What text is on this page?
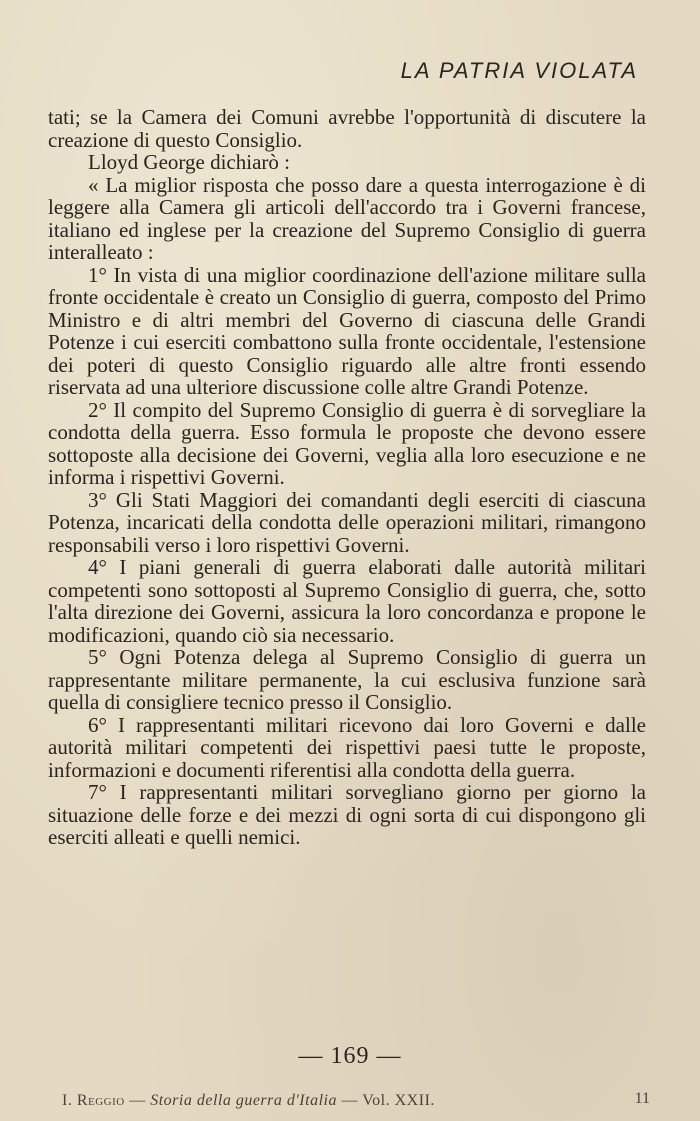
LA PATRIA VIOLATA

tati; se la Camera dei Comuni avrebbe l'opportunità di discutere la creazione di questo Consiglio.

Lloyd George dichiarò :

« La miglior risposta che posso dare a questa interrogazione è di leggere alla Camera gli articoli dell'accordo tra i Governi francese, italiano ed inglese per la creazione del Supremo Consiglio di guerra interalleato :

1° In vista di una miglior coordinazione dell'azione militare sulla fronte occidentale è creato un Consiglio di guerra, composto del Primo Ministro e di altri membri del Governo di ciascuna delle Grandi Potenze i cui eserciti combattono sulla fronte occidentale, l'estensione dei poteri di questo Consiglio riguardo alle altre fronti essendo riservata ad una ulteriore discussione colle altre Grandi Potenze.

2° Il compito del Supremo Consiglio di guerra è di sorvegliare la condotta della guerra. Esso formula le proposte che devono essere sottoposte alla decisione dei Governi, veglia alla loro esecuzione e ne informa i rispettivi Governi.

3° Gli Stati Maggiori dei comandanti degli eserciti di ciascuna Potenza, incaricati della condotta delle operazioni militari, rimangono responsabili verso i loro rispettivi Governi.

4° I piani generali di guerra elaborati dalle autorità militari competenti sono sottoposti al Supremo Consiglio di guerra, che, sotto l'alta direzione dei Governi, assicura la loro concordanza e propone le modificazioni, quando ciò sia necessario.

5° Ogni Potenza delega al Supremo Consiglio di guerra un rappresentante militare permanente, la cui esclusiva funzione sarà quella di consigliere tecnico presso il Consiglio.

6° I rappresentanti militari ricevono dai loro Governi e dalle autorità militari competenti dei rispettivi paesi tutte le proposte, informazioni e documenti riferentisi alla condotta della guerra.

7° I rappresentanti militari sorvegliano giorno per giorno la situazione delle forze e dei mezzi di ogni sorta di cui dispongono gli eserciti alleati e quelli nemici.

— 169 —
I. Reggio — Storia della guerra d'Italia — Vol. XXII.	11
